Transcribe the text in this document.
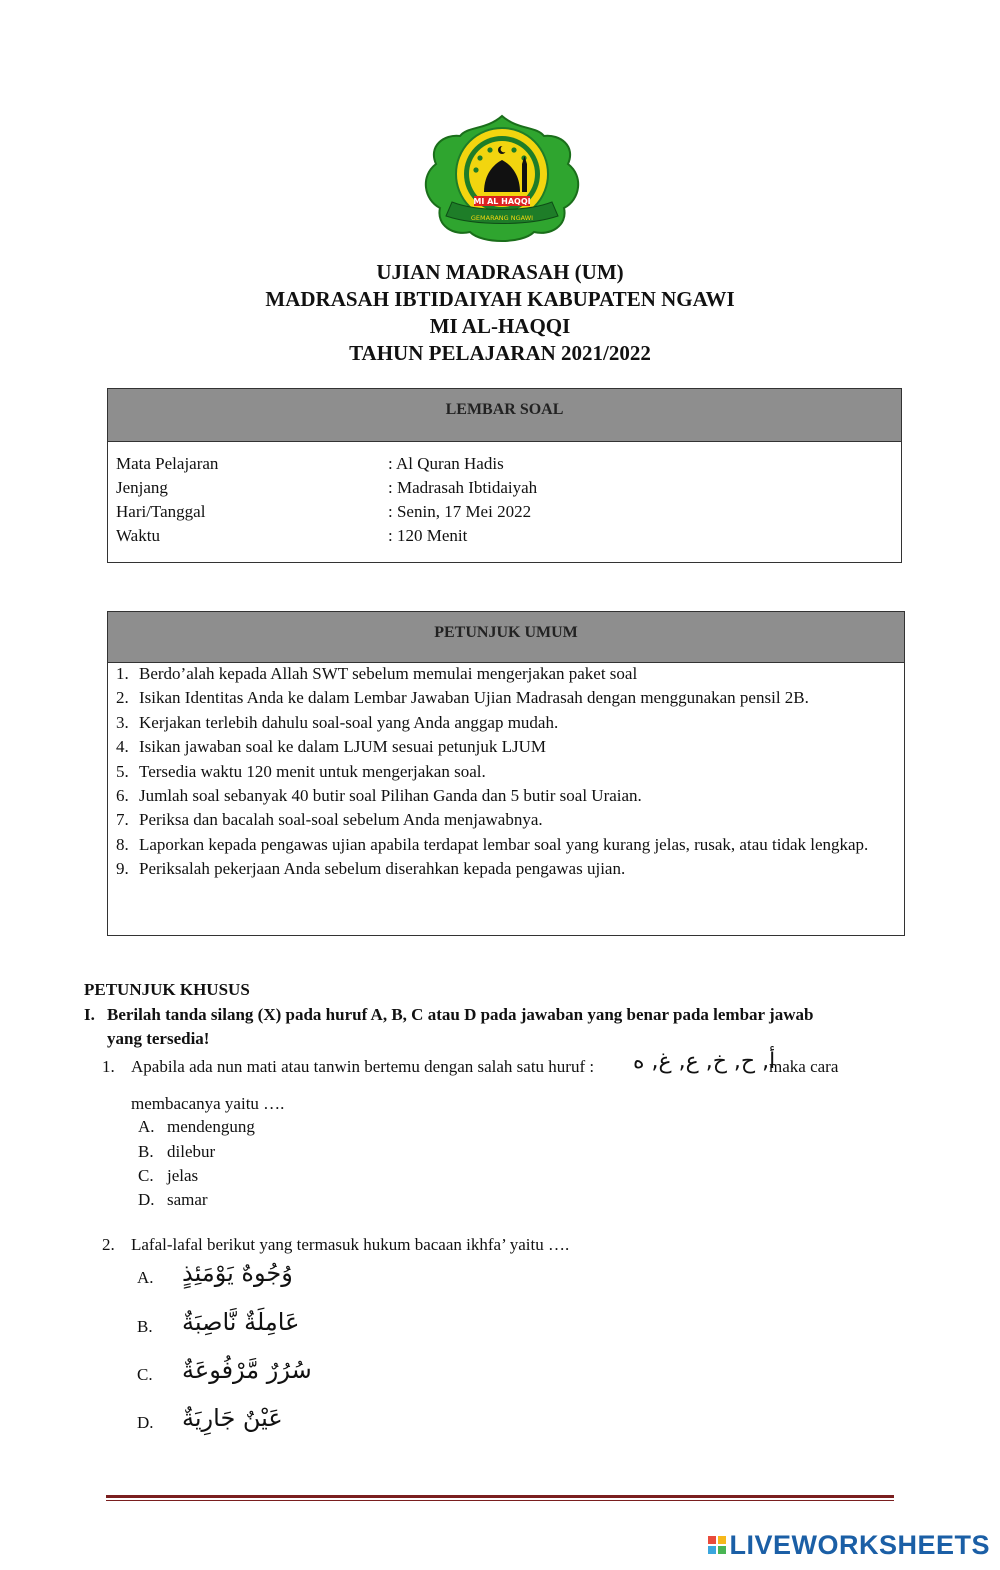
MI AL HAQQI
GEMARANG NGAWI
UJIAN MADRASAH (UM)
MADRASAH IBTIDAIYAH KABUPATEN NGAWI
MI AL-HAQQI
TAHUN PELAJARAN 2021/2022
LEMBAR SOAL
Mata Pelajaran	: Al Quran Hadis
Jenjang	: Madrasah Ibtidaiyah
Hari/Tanggal	: Senin, 17 Mei 2022
Waktu	: 120 Menit
PETUNJUK UMUM
1. Berdo’alah kepada Allah SWT sebelum memulai mengerjakan paket soal
2. Isikan Identitas Anda ke dalam Lembar Jawaban Ujian Madrasah dengan menggunakan pensil 2B.
3. Kerjakan terlebih dahulu soal-soal yang Anda anggap mudah.
4. Isikan jawaban soal ke dalam LJUM sesuai petunjuk LJUM
5. Tersedia waktu 120 menit untuk mengerjakan soal.
6. Jumlah soal sebanyak 40 butir soal Pilihan Ganda dan 5 butir soal Uraian.
7. Periksa dan bacalah soal-soal sebelum Anda menjawabnya.
8. Laporkan kepada pengawas ujian apabila terdapat lembar soal yang kurang jelas, rusak, atau tidak lengkap.
9. Periksalah pekerjaan Anda sebelum diserahkan kepada pengawas ujian.
PETUNJUK KHUSUS
I. Berilah tanda silang (X) pada huruf A, B, C atau D pada jawaban yang benar pada lembar jawab
yang tersedia!
1. Apabila ada nun mati atau tanwin bertemu dengan salah satu huruf : أ, ح, خ, ع, غ, ه
maka cara
membacanya yaitu ….
A. mendengung
B. dilebur
C. jelas
D. samar
2. Lafal-lafal berikut yang termasuk hukum bacaan ikhfa’ yaitu ….
A. وُجُوهٌ يَوْمَئِذٍ
B. عَامِلَةٌ نَّاصِبَةٌ
C. سُرُرٌ مَّرْفُوعَةٌ
D. عَيْنٌ جَارِيَةٌ
LIVEWORKSHEETS
